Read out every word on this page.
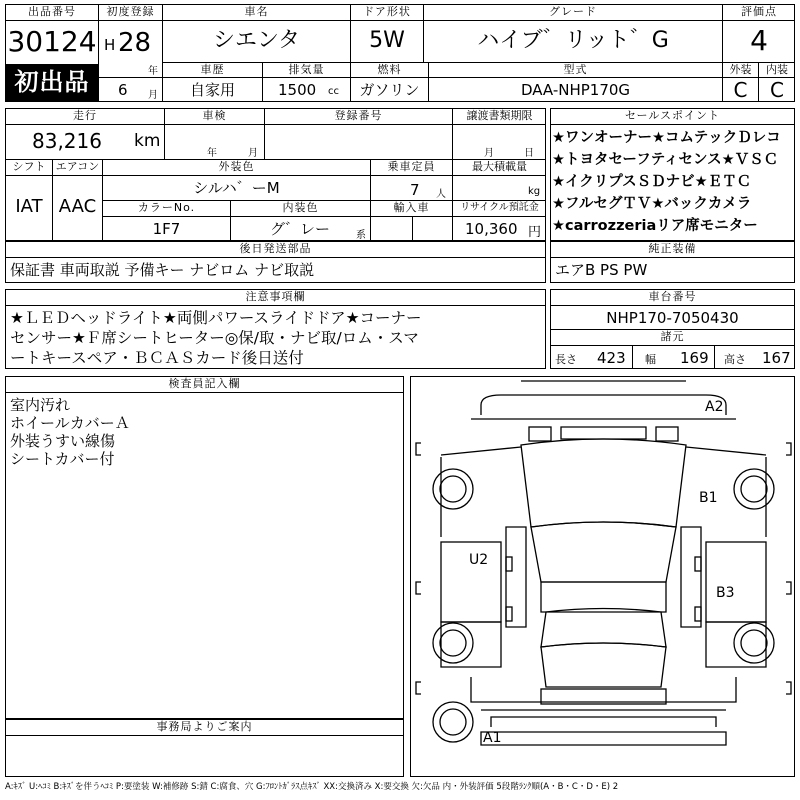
出品番号
30124
初出品
初度登録
H 28
年
6 月
車名
シエンタ
ドア形状
5W
グレード
ハイブ゛リット゛G
評価点
4
車歴
自家用
排気量
1500 cc
燃料
ガソリン
型式
DAA-NHP170G
外装
C
内装
C
走行
83,216 km
車検
年	月
登録番号	譲渡書類期限
月	日
シフト
IAT
エアコン
AAC
外装色
シルハ゛ーM
乗車定員
7 人
最大積載量
kg
カラーNo.
1F7
内装色
グ゛レー	系
輸入車	リサイクル預託金
10,360 円
セールスポイント
★ワンオーナー★コムテックＤレコ
★トヨタセーフティセンス★ＶＳＣ
★イクリプスＳＤナビ★ＥＴＣ
★フルセグＴＶ★バックカメラ
★carrozzeriaリア席モニター
後日発送部品
保証書 車両取説 予備キー ナビロム ナビ取説
純正装備
エアB PS PW
注意事項欄
★ＬＥＤヘッドライト★両側パワースライドドア★コーナー
センサー★Ｆ席シートヒーター◎保/取・ナビ取/ロム・スマ
ートキースペア・ＢＣＡＳカード後日送付
車台番号
NHP170-7050430
諸元
長さ 423 幅 169 高さ 167
検査員記入欄
室内汚れ
ホイールカバーＡ
外装うすい線傷
シートカバー付
事務局よりご案内
A2
B1
U2
B3
A1
A:ｷｽﾞ U:ﾍｺﾐ B:ｷｽﾞを伴うﾍｺﾐ P:要塗装 W:補修跡 S:錆 C:腐食、穴 G:ﾌﾛﾝﾄｶﾞﾗｽ点ｷｽﾞ XX:交換済み X:要交換 欠:欠品 内・外装評価 5段階ﾗﾝｸ順(A・B・C・D・E) 2
